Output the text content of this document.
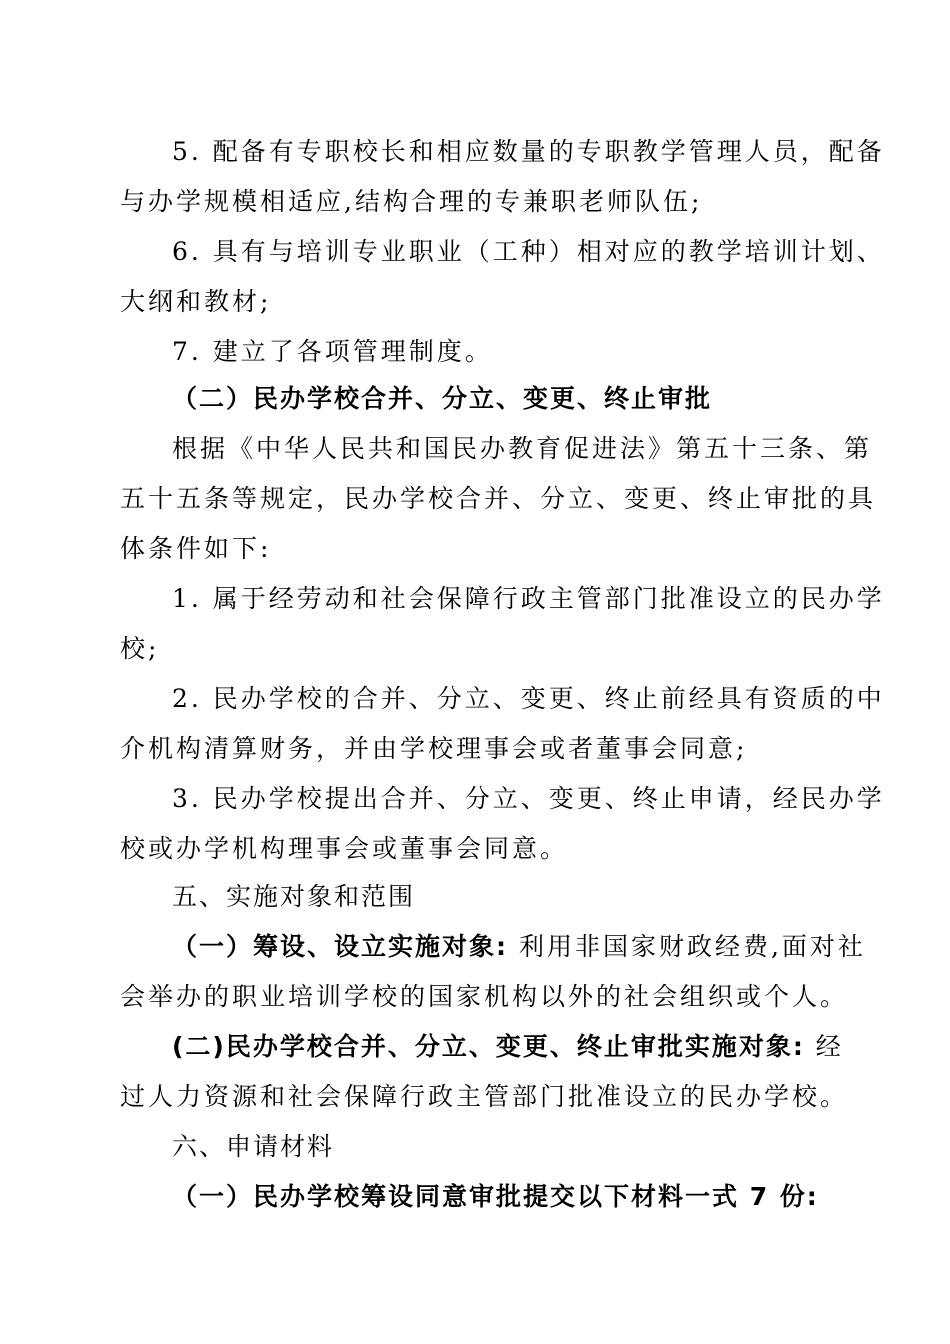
5. 配备有专职校长和相应数量的专职教学管理人员，配备
与办学规模相适应,结构合理的专兼职老师队伍;
6. 具有与培训专业职业（工种）相对应的教学培训计划、
大纲和教材;
7. 建立了各项管理制度。
（二）民办学校合并、分立、变更、终止审批
根据《中华人民共和国民办教育促进法》第五十三条、第
五十五条等规定，民办学校合并、分立、变更、终止审批的具
体条件如下:
1. 属于经劳动和社会保障行政主管部门批准设立的民办学
校;
2. 民办学校的合并、分立、变更、终止前经具有资质的中
介机构清算财务，并由学校理事会或者董事会同意;
3. 民办学校提出合并、分立、变更、终止申请，经民办学
校或办学机构理事会或董事会同意。
五、实施对象和范围
（一）筹设、设立实施对象: 利用非国家财政经费,面对社
会举办的职业培训学校的国家机构以外的社会组织或个人。
(二)民办学校合并、分立、变更、终止审批实施对象: 经
过人力资源和社会保障行政主管部门批准设立的民办学校。
六、申请材料
（一）民办学校筹设同意审批提交以下材料一式 7 份:
